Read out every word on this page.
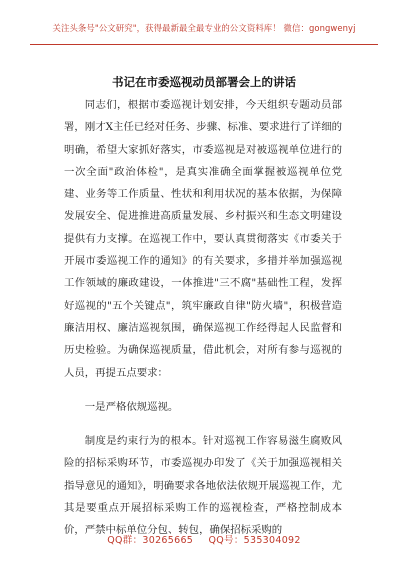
关注头条号"公文研究"，获得最新最全最专业的公文资料库！ 微信：gongwenyj
书记在市委巡视动员部署会上的讲话

同志们，根据市委巡视计划安排，今天组织专题动员部署，刚才X主任已经对任务、步骤、标准、要求进行了详细的明确，希望大家抓好落实，市委巡视是对被巡视单位进行的一次全面"政治体检"，是真实准确全面掌握被巡视单位党建、业务等工作质量、性状和利用状况的基本依据，为保障发展安全、促进推进高质量发展、乡村振兴和生态文明建设提供有力支撑。在巡视工作中，要认真贯彻落实《市委关于开展市委巡视工作的通知》的有关要求，多措并举加强巡视工作领域的廉政建设，一体推进"三不腐"基础性工程，发挥好巡视的"五个关键点"，筑牢廉政自律"防火墙"，积极营造廉洁用权、廉洁巡视氛围，确保巡视工作经得起人民监督和历史检验。为确保巡视质量，借此机会，对所有参与巡视的人员，再提五点要求：

一是严格依规巡视。

制度是约束行为的根本。针对巡视工作容易滋生腐败风险的招标采购环节，市委巡视办印发了《关于加强巡视相关指导意见的通知》，明确要求各地依法依规开展巡视工作，尤其是要重点开展招标采购工作的巡视检查，严格控制成本价，严禁中标单位分包、转包，确保招标采购的

QQ群：30265665 QQ号：535304092
